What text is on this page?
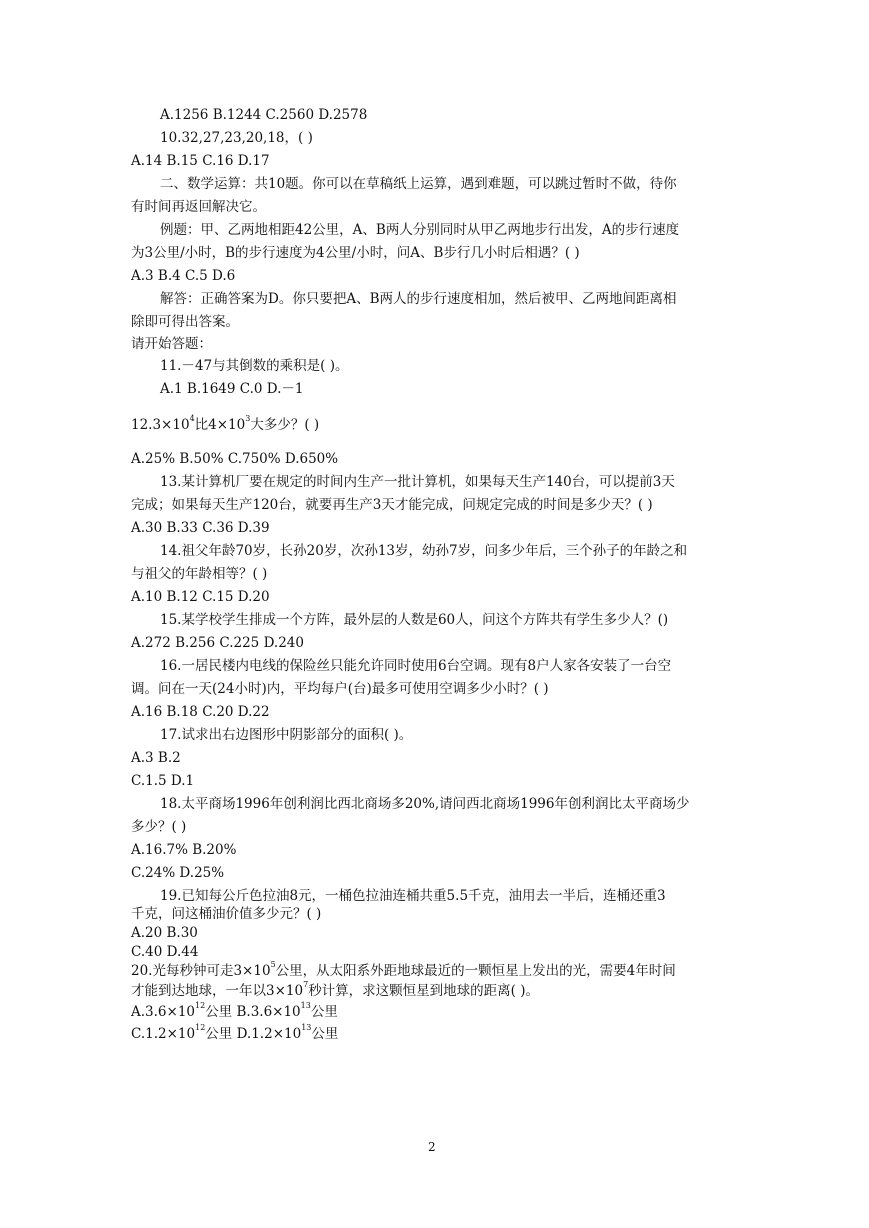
A.1256 B.1244 C.2560 D.2578
10.32,27,23,20,18，( )
A.14 B.15 C.16 D.17
二、数学运算：共10题。你可以在草稿纸上运算，遇到难题，可以跳过暂时不做，待你
有时间再返回解决它。
例题：甲、乙两地相距42公里，A、B两人分别同时从甲乙两地步行出发，A的步行速度
为3公里/小时，B的步行速度为4公里/小时，问A、B步行几小时后相遇？( )
A.3 B.4 C.5 D.6
解答：正确答案为D。你只要把A、B两人的步行速度相加，然后被甲、乙两地间距离相
除即可得出答案。
请开始答题：
11.－47与其倒数的乘积是( )。
A.1 B.1649 C.0 D.－1
$12.3\times 10^4$比$4\times 10^3$大多少？( )
A.25% B.50% C.750% D.650%
13.某计算机厂要在规定的时间内生产一批计算机，如果每天生产140台，可以提前3天
完成；如果每天生产120台，就要再生产3天才能完成，问规定完成的时间是多少天？( )
A.30 B.33 C.36 D.39
14.祖父年龄70岁，长孙20岁，次孙13岁，幼孙7岁，问多少年后，三个孙子的年龄之和
与祖父的年龄相等？( )
A.10 B.12 C.15 D.20
15.某学校学生排成一个方阵，最外层的人数是60人，问这个方阵共有学生多少人？()
A.272 B.256 C.225 D.240
16.一居民楼内电线的保险丝只能允许同时使用6台空调。现有8户人家各安装了一台空
调。问在一天(24小时)内，平均每户(台)最多可使用空调多少小时？( )
A.16 B.18 C.20 D.22
17.试求出右边图形中阴影部分的面积( )。
A.3 B.2
C.1.5 D.1
18.太平商场1996年创利润比西北商场多20%,请问西北商场1996年创利润比太平商场少
多少？( )
A.16.7% B.20%
C.24% D.25%
19.已知每公斤色拉油8元，一桶色拉油连桶共重5.5千克，油用去一半后，连桶还重3
千克，问这桶油价值多少元？( )
A.20 B.30
C.40 D.44
20.光每秒钟可走$3\times 10^5$公里，从太阳系外距地球最近的一颗恒星上发出的光，需要4年时间
才能到达地球，一年以$3\times 10^7$秒计算，求这颗恒星到地球的距离( )。
$A.3.6\times 10^{12}$公里 $B.3.6\times 10^{13}$公里
$C.1.2\times 10^{12}$公里 $D.1.2\times 10^{13}$公里
2
